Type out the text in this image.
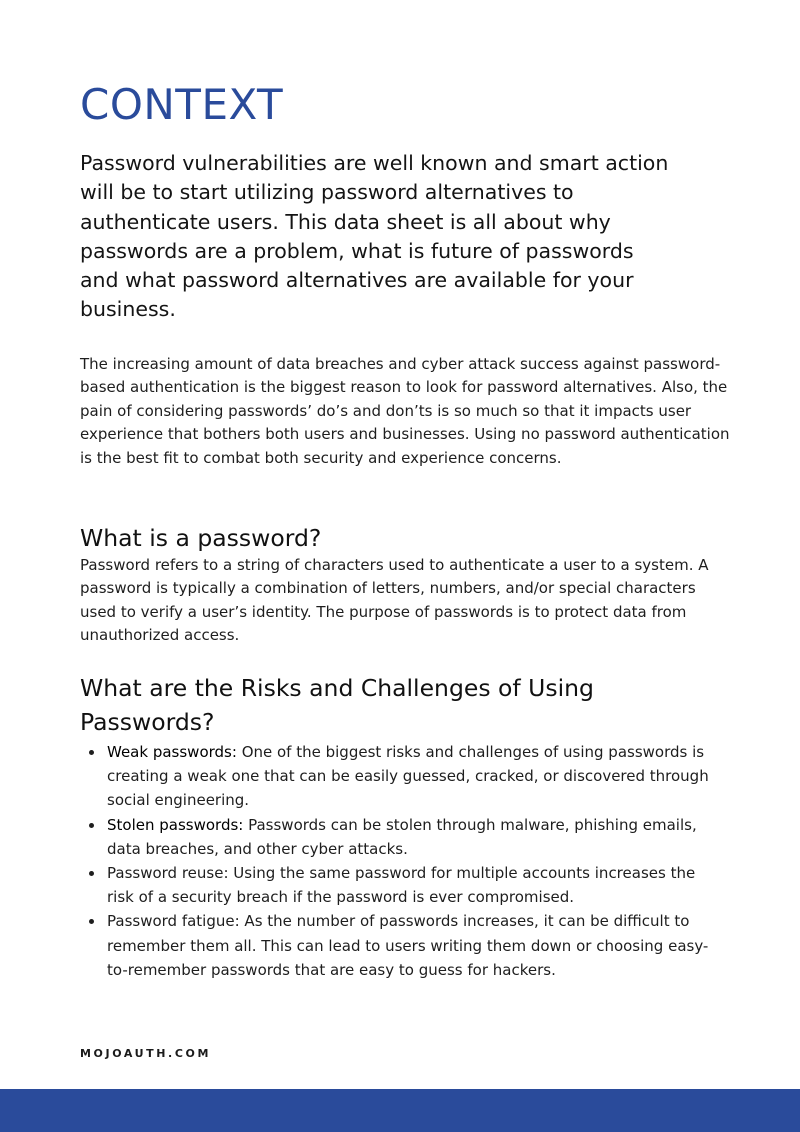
CONTEXT

Password vulnerabilities are well known and smart action will be to start utilizing password alternatives to authenticate users. This data sheet is all about why passwords are a problem, what is future of passwords and what password alternatives are available for your business.

The increasing amount of data breaches and cyber attack success against password-based authentication is the biggest reason to look for password alternatives. Also, the pain of considering passwords’ do’s and don’ts is so much so that it impacts user experience that bothers both users and businesses. Using no password authentication is the best fit to combat both security and experience concerns.

What is a password?

Password refers to a string of characters used to authenticate a user to a system. A password is typically a combination of letters, numbers, and/or special characters used to verify a user’s identity. The purpose of passwords is to protect data from unauthorized access.

What are the Risks and Challenges of Using Passwords?
Weak passwords: One of the biggest risks and challenges of using passwords is creating a weak one that can be easily guessed, cracked, or discovered through social engineering.
Stolen passwords: Passwords can be stolen through malware, phishing emails, data breaches, and other cyber attacks.
Password reuse: Using the same password for multiple accounts increases the risk of a security breach if the password is ever compromised.
Password fatigue: As the number of passwords increases, it can be difficult to remember them all. This can lead to users writing them down or choosing easy-to-remember passwords that are easy to guess for hackers.

MOJOAUTH.COM
